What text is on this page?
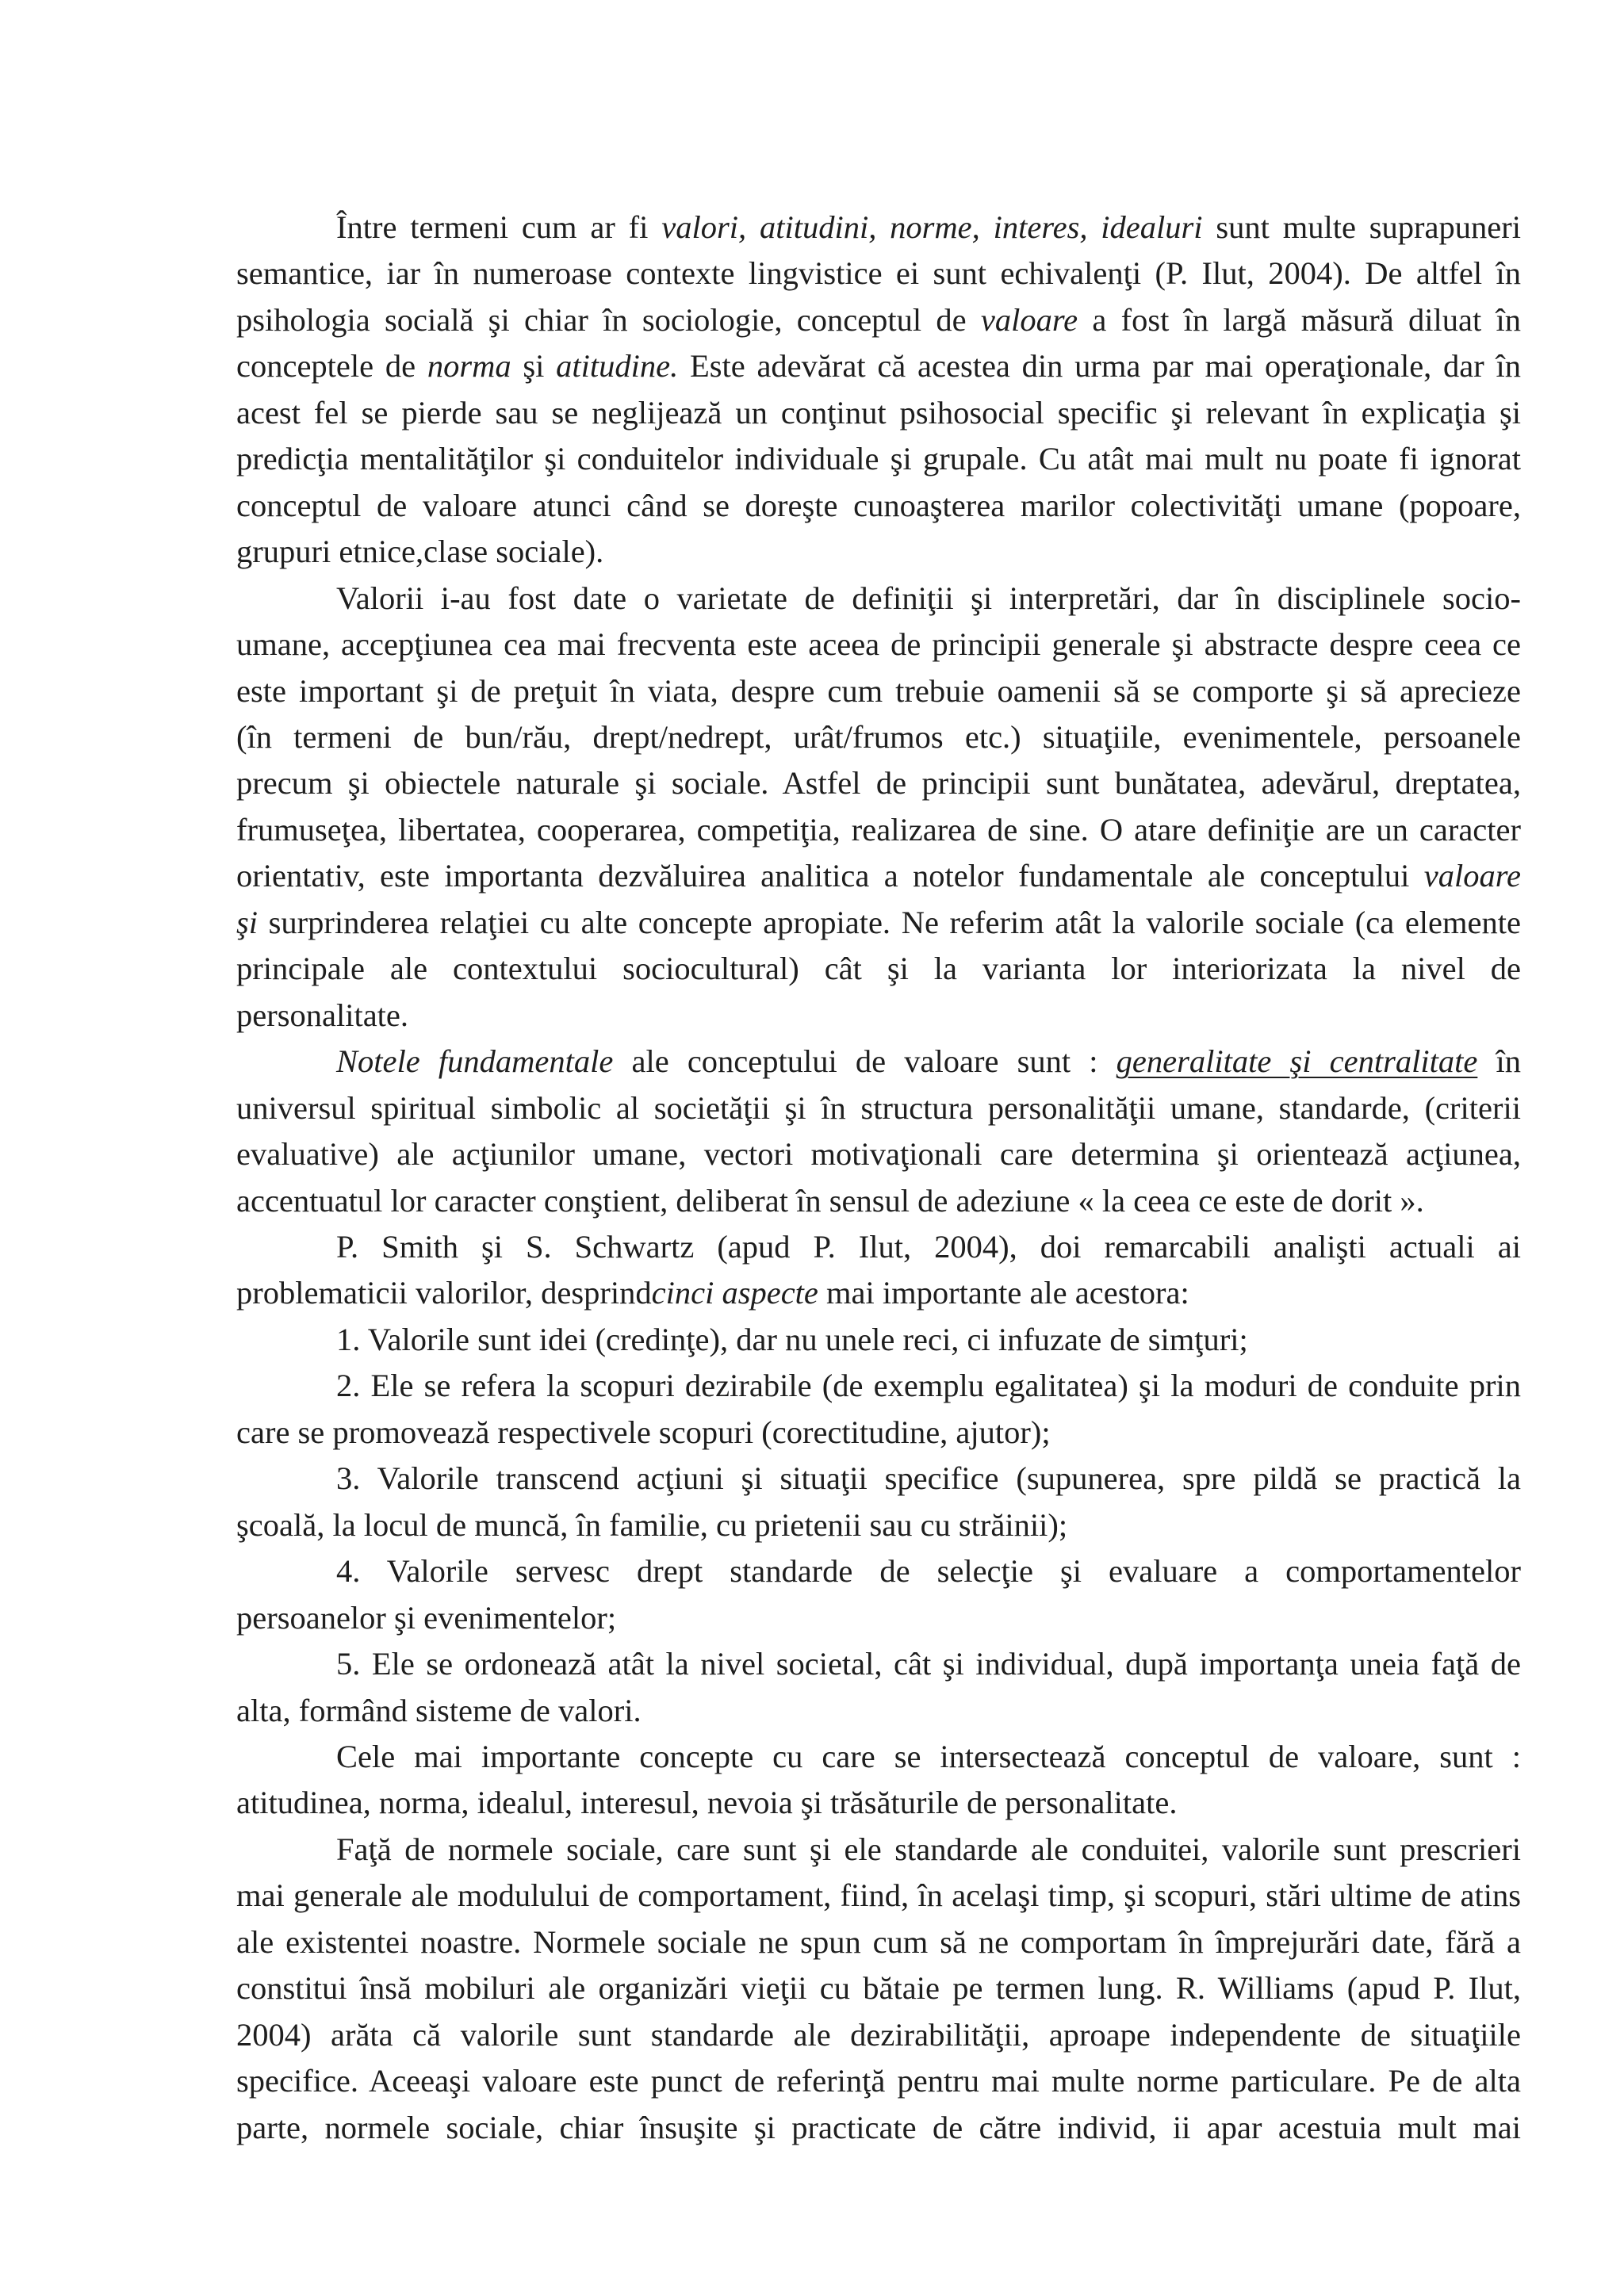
Între termeni cum ar fi valori, atitudini, norme, interes, idealuri sunt multe suprapuneri
semantice, iar în numeroase contexte lingvistice ei sunt echivalenţi (P. Ilut, 2004). De altfel în
psihologia socială şi chiar în sociologie, conceptul de valoare a fost în largă măsură diluat în
conceptele de norma şi atitudine. Este adevărat că acestea din urma par mai operaţionale, dar în
acest fel se pierde sau se neglijează un conţinut psihosocial specific şi relevant în explicaţia şi
predicţia mentalităţilor şi conduitelor individuale şi grupale. Cu atât mai mult nu poate fi ignorat
conceptul de valoare atunci când se doreşte cunoaşterea marilor colectivităţi umane (popoare,
grupuri etnice,clase sociale).
Valorii i-au fost date o varietate de definiţii şi interpretări, dar în disciplinele socio-
umane, accepţiunea cea mai frecventa este aceea de principii generale şi abstracte despre ceea ce
este important şi de preţuit în viata, despre cum trebuie oamenii să se comporte şi să aprecieze
(în termeni de bun/rău, drept/nedrept, urât/frumos etc.) situaţiile, evenimentele, persoanele
precum şi obiectele naturale şi sociale. Astfel de principii sunt bunătatea, adevărul, dreptatea,
frumuseţea, libertatea, cooperarea, competiţia, realizarea de sine. O atare definiţie are un caracter
orientativ, este importanta dezvăluirea analitica a notelor fundamentale ale conceptului valoare
şi surprinderea relaţiei cu alte concepte apropiate. Ne referim atât la valorile sociale (ca elemente
principale ale contextului sociocultural) cât şi la varianta lor interiorizata la nivel de
personalitate.
Notele fundamentale ale conceptului de valoare sunt : generalitate şi centralitate în
universul spiritual simbolic al societăţii şi în structura personalităţii umane, standarde, (criterii
evaluative) ale acţiunilor umane, vectori motivaţionali care determina şi orientează acţiunea,
accentuatul lor caracter conştient, deliberat în sensul de adeziune « la ceea ce este de dorit ».
P. Smith şi S. Schwartz (apud P. Ilut, 2004), doi remarcabili analişti actuali ai
problematicii valorilor, desprindcinci aspecte mai importante ale acestora:
1. Valorile sunt idei (credinţe), dar nu unele reci, ci infuzate de simţuri;
2. Ele se refera la scopuri dezirabile (de exemplu egalitatea) şi la moduri de conduite prin
care se promovează respectivele scopuri (corectitudine, ajutor);
3. Valorile transcend acţiuni şi situaţii specifice (supunerea, spre pildă se practică la
şcoală, la locul de muncă, în familie, cu prietenii sau cu străinii);
4. Valorile servesc drept standarde de selecţie şi evaluare a comportamentelor
persoanelor şi evenimentelor;
5. Ele se ordonează atât la nivel societal, cât şi individual, după importanţa uneia faţă de
alta, formând sisteme de valori.
Cele mai importante concepte cu care se intersectează conceptul de valoare, sunt :
atitudinea, norma, idealul, interesul, nevoia şi trăsăturile de personalitate.
Faţă de normele sociale, care sunt şi ele standarde ale conduitei, valorile sunt prescrieri
mai generale ale modulului de comportament, fiind, în acelaşi timp, şi scopuri, stări ultime de atins
ale existentei noastre. Normele sociale ne spun cum să ne comportam în împrejurări date, fără a
constitui însă mobiluri ale organizări vieţii cu bătaie pe termen lung. R. Williams (apud P. Ilut,
2004) arăta că valorile sunt standarde ale dezirabilităţii, aproape independente de situaţiile
specifice. Aceeaşi valoare este punct de referinţă pentru mai multe norme particulare. Pe de alta
parte, normele sociale, chiar însuşite şi practicate de către individ, ii apar acestuia mult mai
